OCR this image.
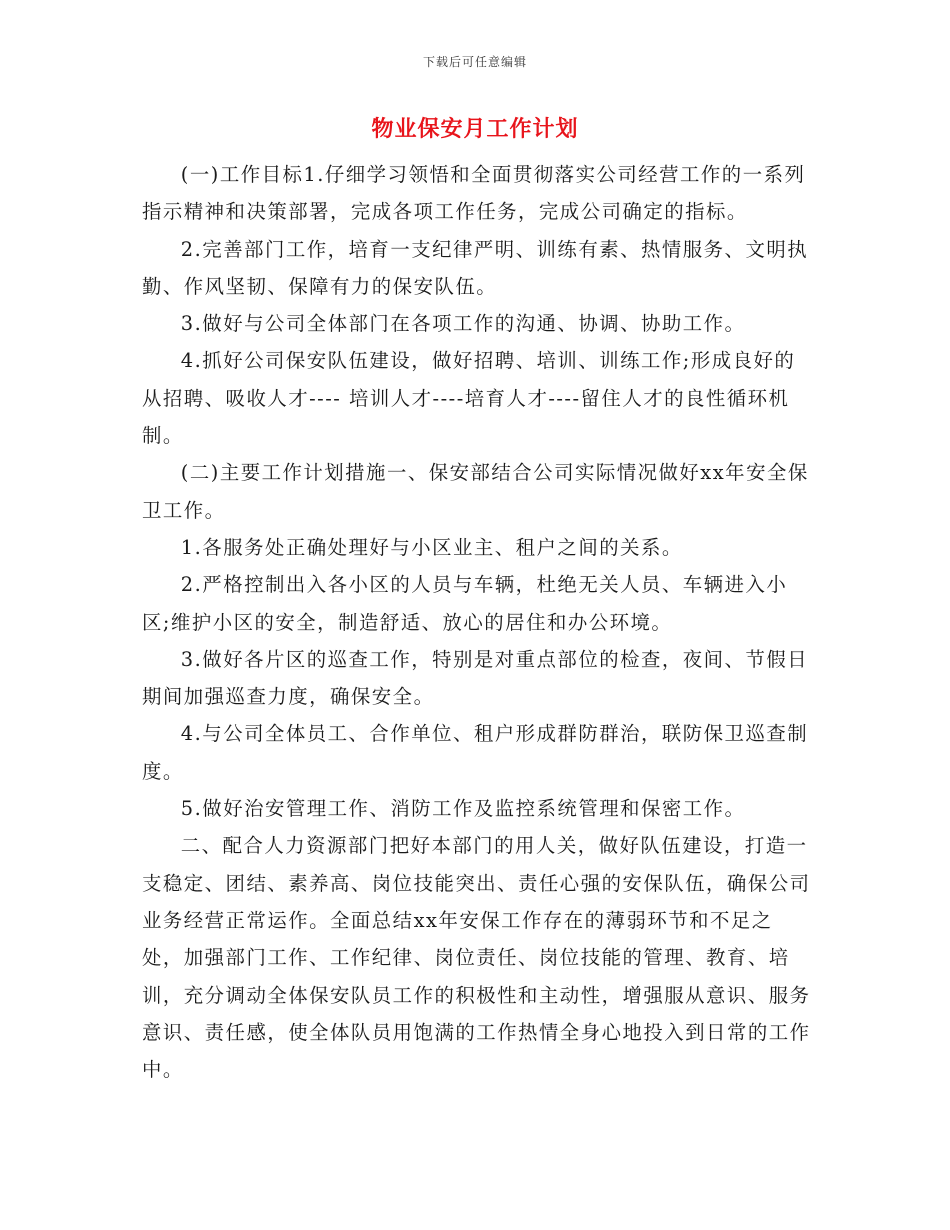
下载后可任意编辑
物业保安月工作计划

(一)工作目标1.仔细学习领悟和全面贯彻落实公司经营工作的一系列指示精神和决策部署，完成各项工作任务，完成公司确定的指标。

2.完善部门工作，培育一支纪律严明、训练有素、热情服务、文明执勤、作风坚韧、保障有力的保安队伍。

3.做好与公司全体部门在各项工作的沟通、协调、协助工作。

4.抓好公司保安队伍建设，做好招聘、培训、训练工作;形成良好的从招聘、吸收人才---- 培训人才----培育人才----留住人才的良性循环机制。

(二)主要工作计划措施一、保安部结合公司实际情况做好xx年安全保卫工作。

1.各服务处正确处理好与小区业主、租户之间的关系。

2.严格控制出入各小区的人员与车辆，杜绝无关人员、车辆进入小区;维护小区的安全，制造舒适、放心的居住和办公环境。

3.做好各片区的巡查工作，特别是对重点部位的检查，夜间、节假日期间加强巡查力度，确保安全。

4.与公司全体员工、合作单位、租户形成群防群治，联防保卫巡查制度。

5.做好治安管理工作、消防工作及监控系统管理和保密工作。

二、配合人力资源部门把好本部门的用人关，做好队伍建设，打造一支稳定、团结、素养高、岗位技能突出、责任心强的安保队伍，确保公司业务经营正常运作。全面总结xx年安保工作存在的薄弱环节和不足之处，加强部门工作、工作纪律、岗位责任、岗位技能的管理、教育、培训，充分调动全体保安队员工作的积极性和主动性，增强服从意识、服务意识、责任感，使全体队员用饱满的工作热情全身心地投入到日常的工作中。
